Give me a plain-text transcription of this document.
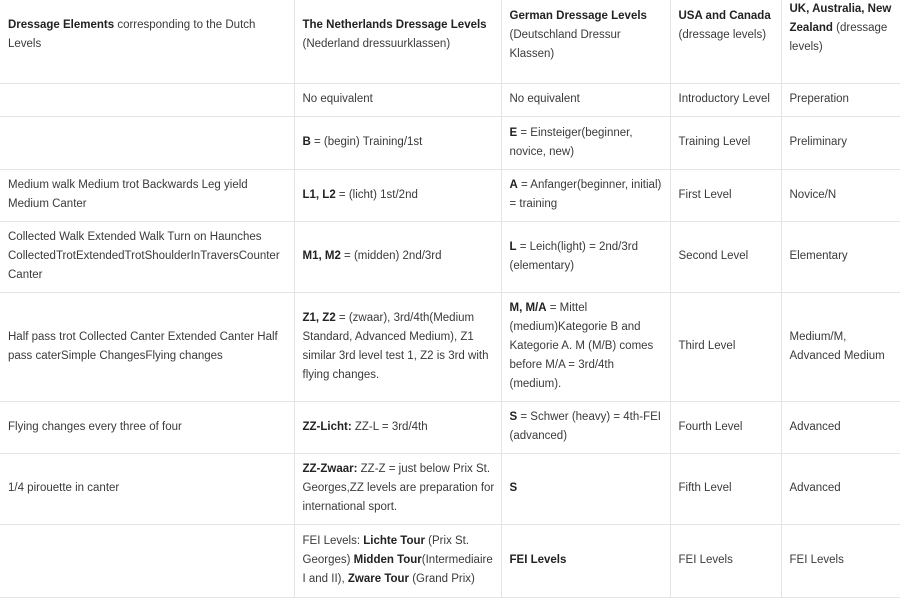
Dressage Elements corresponding to the Dutch Levels	The Netherlands Dressage Levels (Nederland dressuurklassen)	German Dressage Levels (Deutschland Dressur Klassen)	USA and Canada (dressage levels)	UK, Australia, New Zealand (dressage levels)
	No equivalent	No equivalent	Introductory Level	Preperation
	B = (begin) Training/1st	E = Einsteiger(beginner, novice, new)	Training Level	Preliminary
Medium walk Medium trot Backwards Leg yield Medium Canter	L1, L2 = (licht) 1st/2nd	A = Anfanger(beginner, initial) = training	First Level	Novice/N
Collected Walk Extended Walk Turn on Haunches CollectedTrotExtendedTrotShoulderInTraversCounter Canter	M1, M2 = (midden) 2nd/3rd	L = Leich(light) = 2nd/3rd (elementary)	Second Level	Elementary
Half pass trot Collected Canter Extended Canter Half pass caterSimple ChangesFlying changes	Z1, Z2 = (zwaar), 3rd/4th(Medium Standard, Advanced Medium), Z1 similar 3rd level test 1, Z2 is 3rd with flying changes.	M, M/A = Mittel (medium)Kategorie B and Kategorie A. M (M/B) comes before M/A = 3rd/4th (medium).	Third Level	Medium/M, Advanced Medium
Flying changes every three of four	ZZ-Licht: ZZ-L = 3rd/4th	S = Schwer (heavy) = 4th-FEI (advanced)	Fourth Level	Advanced
1/4 pirouette in canter	ZZ-Zwaar: ZZ-Z = just below Prix St. Georges,ZZ levels are preparation for international sport.	S	Fifth Level	Advanced
	FEI Levels: Lichte Tour (Prix St. Georges) Midden Tour(Intermediaire I and II), Zware Tour (Grand Prix)	FEI Levels	FEI Levels	FEI Levels
